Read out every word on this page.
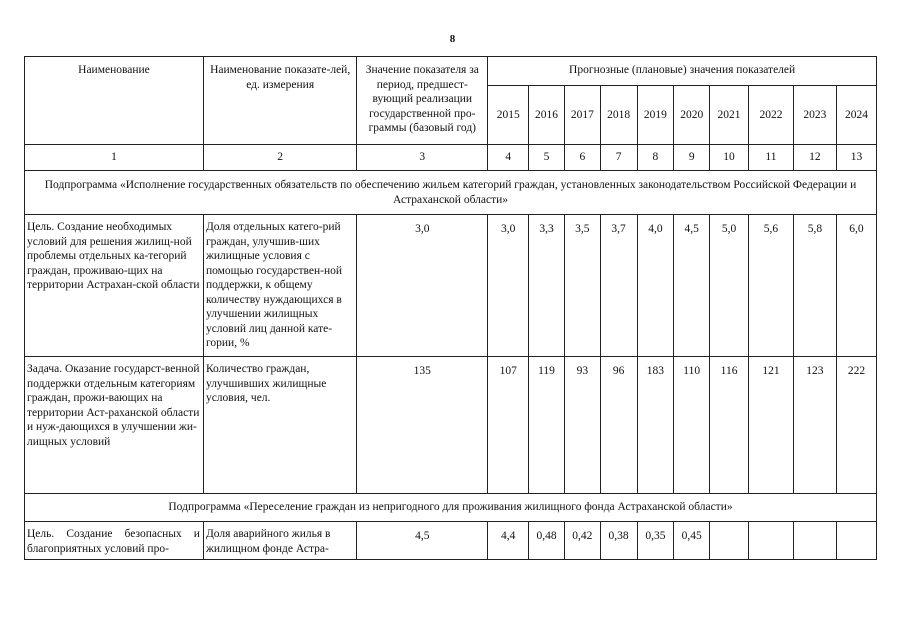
8
Наименование	Наименование показате-лей, ед. измерения	Значение показателя за период, предшест-вующий реализации государственной про-граммы (базовый год)	Прогнозные (плановые) значения показателей									
			2015	2016	2017	2018	2019	2020	2021	2022	2023	2024
1	2	3	4	5	6	7	8	9	10	11	12	13
Подпрограмма «Исполнение государственных обязательств по обеспечению жильем категорий граждан, установленных законодательством Российской Федерации и Астраханской области»												
Цель. Создание необходимых условий для решения жилищ-ной проблемы отдельных ка-тегорий граждан, проживаю-щих на территории Астрахан-ской области	Доля отдельных катего-рий граждан, улучшив-ших жилищные условия с помощью государствен-ной поддержки, к общему количеству нуждающихся в улучшении жилищных условий лиц данной кате-гории, %	3,0	3,0	3,3	3,5	3,7	4,0	4,5	5,0	5,6	5,8	6,0
Задача. Оказание государст-венной поддержки отдельным категориям граждан, прожи-вающих на территории Аст-раханской области и нуж-дающихся в улучшении жи-лищных условий	Количество граждан, улучшивших жилищные условия, чел.	135	107	119	93	96	183	110	116	121	123	222
Подпрограмма «Переселение граждан из непригодного для проживания жилищного фонда Астраханской области»												
Цель. Создание безопасных и благоприятных условий про-	Доля аварийного жилья в жилищном фонде Астра-	4,5	4,4	0,48	0,42	0,38	0,35	0,45				
